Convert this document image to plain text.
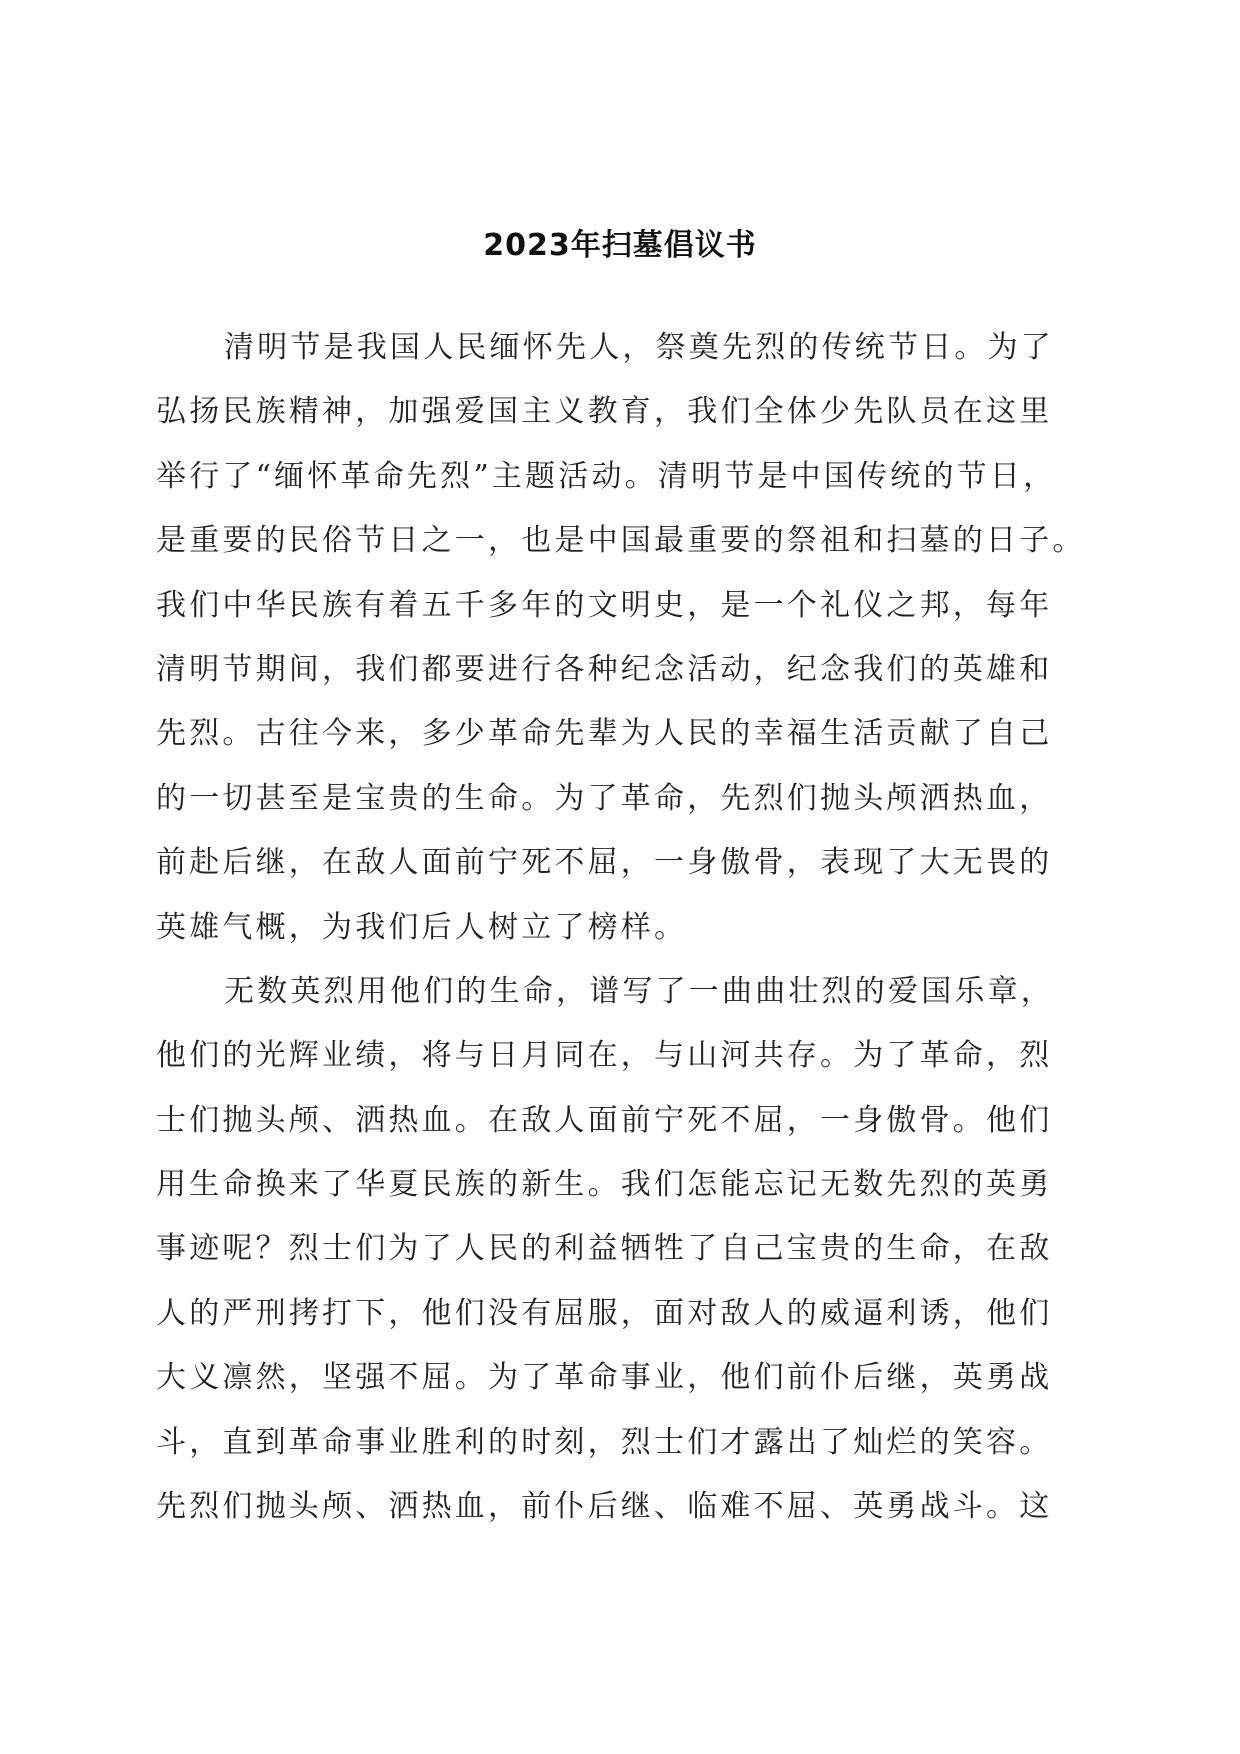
2023年扫墓倡议书
清明节是我国人民缅怀先人，祭奠先烈的传统节日。为了
弘扬民族精神，加强爱国主义教育，我们全体少先队员在这里
举行了“缅怀革命先烈”主题活动。清明节是中国传统的节日，
是重要的民俗节日之一，也是中国最重要的祭祖和扫墓的日子。
我们中华民族有着五千多年的文明史，是一个礼仪之邦，每年
清明节期间，我们都要进行各种纪念活动，纪念我们的英雄和
先烈。古往今来，多少革命先辈为人民的幸福生活贡献了自己
的一切甚至是宝贵的生命。为了革命，先烈们抛头颅洒热血，
前赴后继，在敌人面前宁死不屈，一身傲骨，表现了大无畏的
英雄气概，为我们后人树立了榜样。
无数英烈用他们的生命，谱写了一曲曲壮烈的爱国乐章，
他们的光辉业绩，将与日月同在，与山河共存。为了革命，烈
士们抛头颅、洒热血。在敌人面前宁死不屈，一身傲骨。他们
用生命换来了华夏民族的新生。我们怎能忘记无数先烈的英勇
事迹呢？烈士们为了人民的利益牺牲了自己宝贵的生命，在敌
人的严刑拷打下，他们没有屈服，面对敌人的威逼利诱，他们
大义凛然，坚强不屈。为了革命事业，他们前仆后继，英勇战
斗，直到革命事业胜利的时刻，烈士们才露出了灿烂的笑容。
先烈们抛头颅、洒热血，前仆后继、临难不屈、英勇战斗。这
